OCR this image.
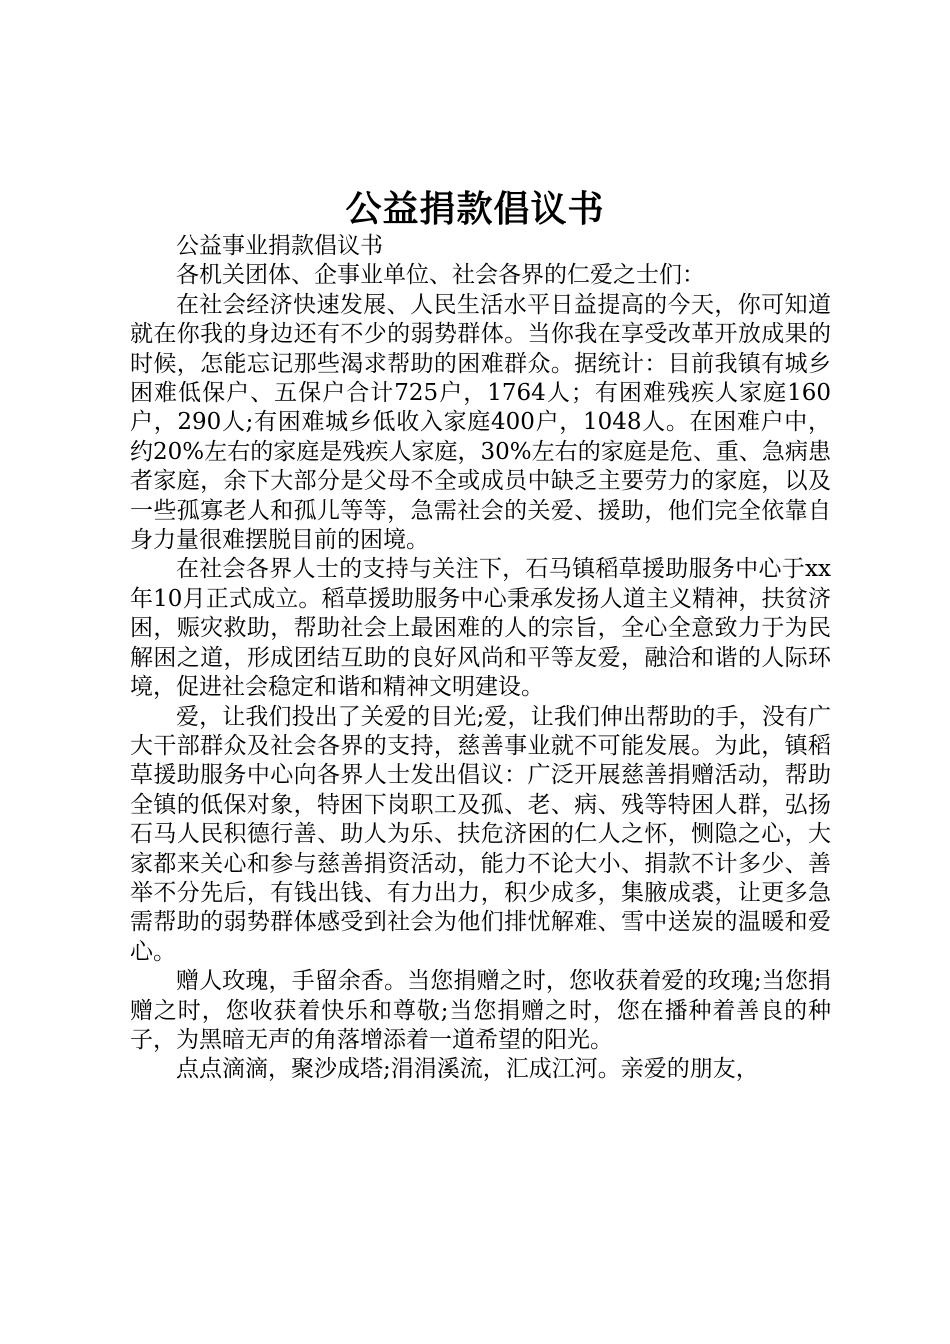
公益捐款倡议书

公益事业捐款倡议书

各机关团体、企事业单位、社会各界的仁爱之士们：

在社会经济快速发展、人民生活水平日益提高的今天，你可知道就在你我的身边还有不少的弱势群体。当你我在享受改革开放成果的时候，怎能忘记那些渴求帮助的困难群众。据统计：目前我镇有城乡困难低保户、五保户合计725户，1764人；有困难残疾人家庭160户，290人;有困难城乡低收入家庭400户，1048人。在困难户中，约20%左右的家庭是残疾人家庭，30%左右的家庭是危、重、急病患者家庭，余下大部分是父母不全或成员中缺乏主要劳力的家庭，以及一些孤寡老人和孤儿等等，急需社会的关爱、援助，他们完全依靠自身力量很难摆脱目前的困境。

在社会各界人士的支持与关注下，石马镇稻草援助服务中心于xx年10月正式成立。稻草援助服务中心秉承发扬人道主义精神，扶贫济困，赈灾救助，帮助社会上最困难的人的宗旨，全心全意致力于为民解困之道，形成团结互助的良好风尚和平等友爱，融洽和谐的人际环境，促进社会稳定和谐和精神文明建设。

爱，让我们投出了关爱的目光;爱，让我们伸出帮助的手，没有广大干部群众及社会各界的支持，慈善事业就不可能发展。为此，镇稻草援助服务中心向各界人士发出倡议：广泛开展慈善捐赠活动，帮助全镇的低保对象，特困下岗职工及孤、老、病、残等特困人群，弘扬石马人民积德行善、助人为乐、扶危济困的仁人之怀，恻隐之心，大家都来关心和参与慈善捐资活动，能力不论大小、捐款不计多少、善举不分先后，有钱出钱、有力出力，积少成多，集腋成裘，让更多急需帮助的弱势群体感受到社会为他们排忧解难、雪中送炭的温暖和爱心。

赠人玫瑰，手留余香。当您捐赠之时，您收获着爱的玫瑰;当您捐赠之时，您收获着快乐和尊敬;当您捐赠之时，您在播种着善良的种子，为黑暗无声的角落增添着一道希望的阳光。

点点滴滴，聚沙成塔;涓涓溪流，汇成江河。亲爱的朋友，
